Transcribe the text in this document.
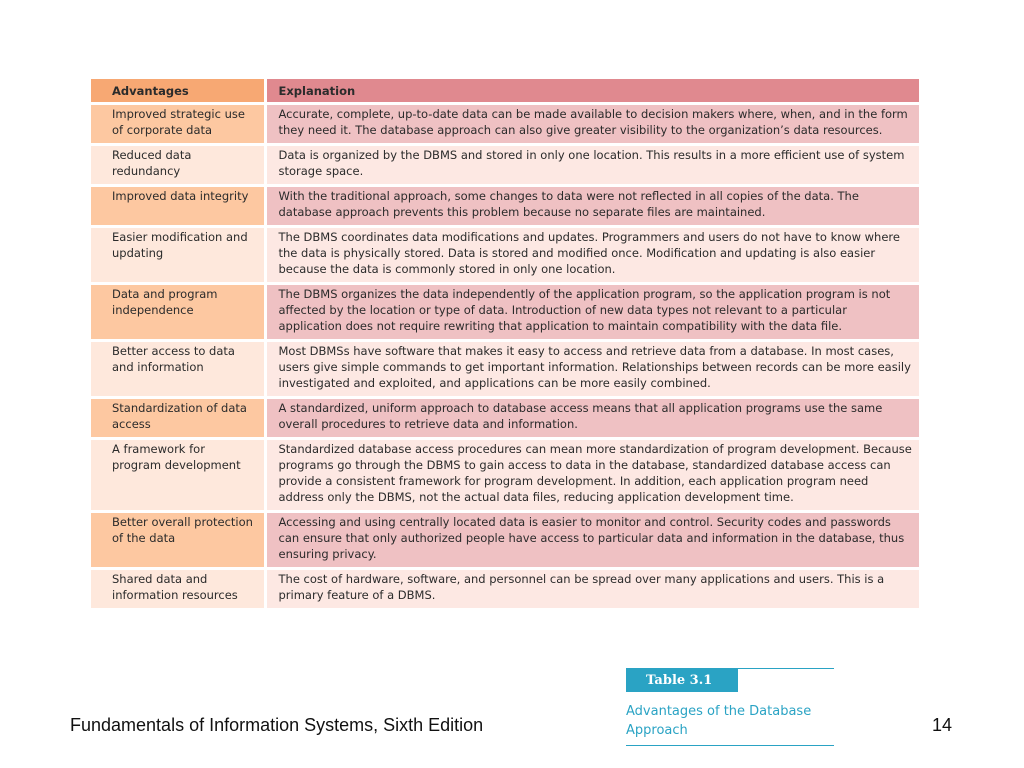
Advantages	Explanation
Improved strategic use of corporate data	Accurate, complete, up-to-date data can be made available to decision makers where, when, and in the form they need it. The database approach can also give greater visibility to the organization’s data resources.
Reduced data redundancy	Data is organized by the DBMS and stored in only one location. This results in a more efficient use of system storage space.
Improved data integrity	With the traditional approach, some changes to data were not reflected in all copies of the data. The database approach prevents this problem because no separate files are maintained.
Easier modification and updating	The DBMS coordinates data modifications and updates. Programmers and users do not have to know where the data is physically stored. Data is stored and modified once. Modification and updating is also easier because the data is commonly stored in only one location.
Data and program independence	The DBMS organizes the data independently of the application program, so the application program is not affected by the location or type of data. Introduction of new data types not relevant to a particular application does not require rewriting that application to maintain compatibility with the data file.
Better access to data and information	Most DBMSs have software that makes it easy to access and retrieve data from a database. In most cases, users give simple commands to get important information. Relationships between records can be more easily investigated and exploited, and applications can be more easily combined.
Standardization of data access	A standardized, uniform approach to database access means that all application programs use the same overall procedures to retrieve data and information.
A framework for program development	Standardized database access procedures can mean more standardization of program development. Because programs go through the DBMS to gain access to data in the database, standardized database access can provide a consistent framework for program development. In addition, each application program need address only the DBMS, not the actual data files, reducing application development time.
Better overall protection of the data	Accessing and using centrally located data is easier to monitor and control. Security codes and passwords can ensure that only authorized people have access to particular data and information in the database, thus ensuring privacy.
Shared data and information resources	The cost of hardware, software, and personnel can be spread over many applications and users. This is a primary feature of a DBMS.
Table 3.1
Advantages of the Database Approach
Fundamentals of Information Systems, Sixth Edition	14
